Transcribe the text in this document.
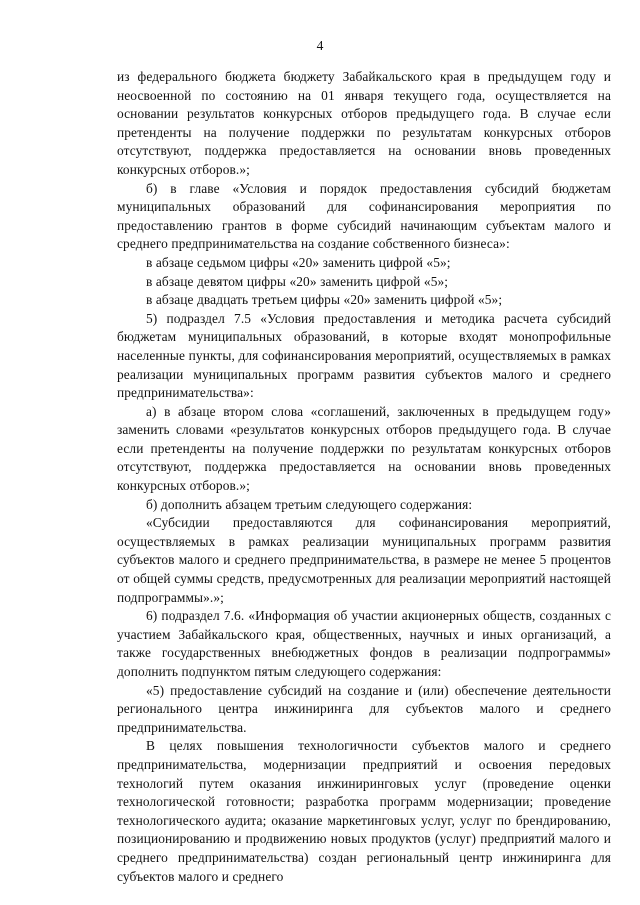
4

из федерального бюджета бюджету Забайкальского края в предыдущем году и неосвоенной по состоянию на 01 января текущего года, осуществляется на основании результатов конкурсных отборов предыдущего года. В случае если претенденты на получение поддержки по результатам конкурсных отборов отсутствуют, поддержка предоставляется на основании вновь проведенных конкурсных отборов.»;

б) в главе «Условия и порядок предоставления субсидий бюджетам муниципальных образований для софинансирования мероприятия по предоставлению грантов в форме субсидий начинающим субъектам малого и среднего предпринимательства на создание собственного бизнеса»:

в абзаце седьмом цифры «20» заменить цифрой «5»;

в абзаце девятом цифры «20» заменить цифрой «5»;

в абзаце двадцать третьем цифры «20» заменить цифрой «5»;

5) подраздел 7.5 «Условия предоставления и методика расчета субсидий бюджетам муниципальных образований, в которые входят монопрофильные населенные пункты, для софинансирования мероприятий, осуществляемых в рамках реализации муниципальных программ развития субъектов малого и среднего предпринимательства»:

а) в абзаце втором слова «соглашений, заключенных в предыдущем году» заменить словами «результатов конкурсных отборов предыдущего года. В случае если претенденты на получение поддержки по результатам конкурсных отборов отсутствуют, поддержка предоставляется на основании вновь проведенных конкурсных отборов.»;

б) дополнить абзацем третьим следующего содержания:

«Субсидии предоставляются для софинансирования мероприятий, осуществляемых в рамках реализации муниципальных программ развития субъектов малого и среднего предпринимательства, в размере не менее 5 процентов от общей суммы средств, предусмотренных для реализации мероприятий настоящей подпрограммы».»;

6) подраздел 7.6. «Информация об участии акционерных обществ, созданных с участием Забайкальского края, общественных, научных и иных организаций, а также государственных внебюджетных фондов в реализации подпрограммы» дополнить подпунктом пятым следующего содержания:

«5) предоставление субсидий на создание и (или) обеспечение деятельности регионального центра инжиниринга для субъектов малого и среднего предпринимательства.

В целях повышения технологичности субъектов малого и среднего предпринимательства, модернизации предприятий и освоения передовых технологий путем оказания инжиниринговых услуг (проведение оценки технологической готовности; разработка программ модернизации; проведение технологического аудита; оказание маркетинговых услуг, услуг по брендированию, позиционированию и продвижению новых продуктов (услуг) предприятий малого и среднего предпринимательства) создан региональный центр инжиниринга для субъектов малого и среднего
